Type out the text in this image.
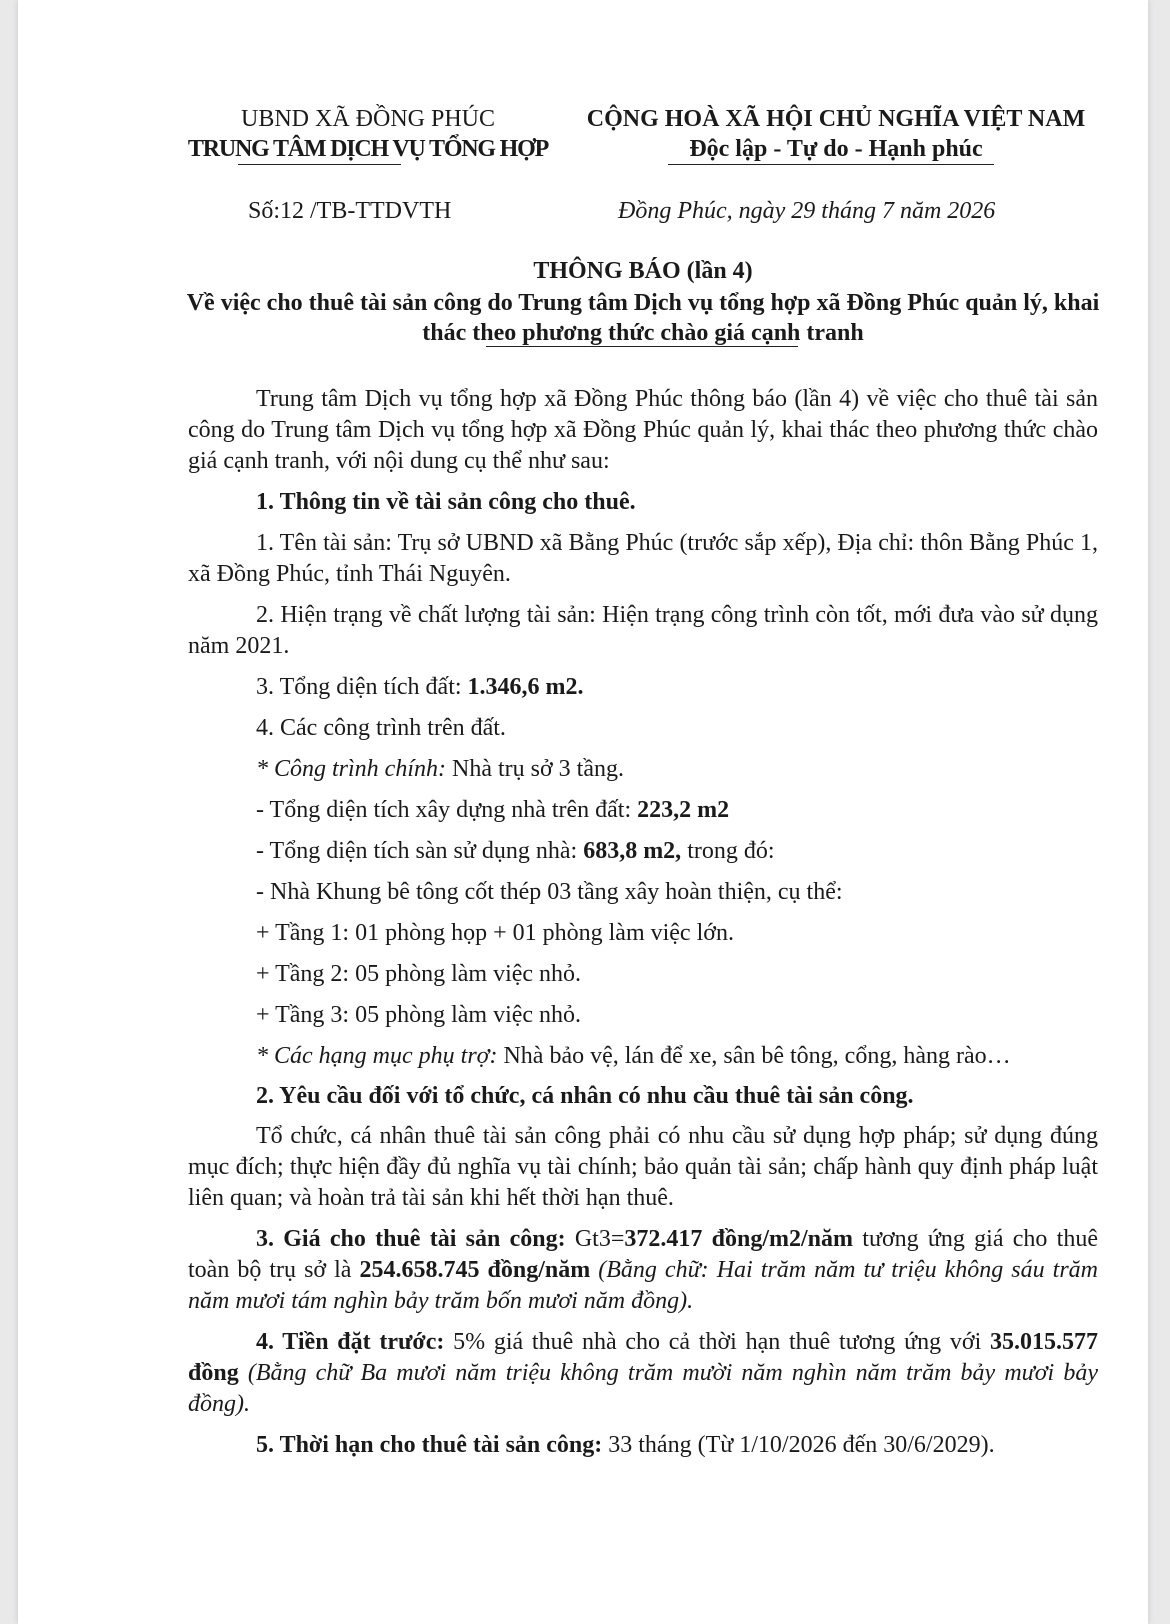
UBND XÃ ĐỒNG PHÚC
TRUNG TÂM DỊCH VỤ TỔNG HỢP
CỘNG HOÀ XÃ HỘI CHỦ NGHĨA VIỆT NAM
Độc lập - Tự do - Hạnh phúc
Số:12 /TB-TTDVTH	Đồng Phúc, ngày 29 tháng 7 năm 2026
THÔNG BÁO (lần 4)
Về việc cho thuê tài sản công do Trung tâm Dịch vụ tổng hợp xã Đồng Phúc quản lý, khai thác theo phương thức chào giá cạnh tranh

Trung tâm Dịch vụ tổng hợp xã Đồng Phúc thông báo (lần 4) về việc cho thuê tài sản công do Trung tâm Dịch vụ tổng hợp xã Đồng Phúc quản lý, khai thác theo phương thức chào giá cạnh tranh, với nội dung cụ thể như sau:

1. Thông tin về tài sản công cho thuê.

1. Tên tài sản: Trụ sở UBND xã Bằng Phúc (trước sắp xếp), Địa chỉ: thôn Bằng Phúc 1, xã Đồng Phúc, tỉnh Thái Nguyên.

2. Hiện trạng về chất lượng tài sản: Hiện trạng công trình còn tốt, mới đưa vào sử dụng năm 2021.

3. Tổng diện tích đất: 1.346,6 m2.

4. Các công trình trên đất.

* Công trình chính: Nhà trụ sở 3 tầng.

- Tổng diện tích xây dựng nhà trên đất: 223,2 m2

- Tổng diện tích sàn sử dụng nhà: 683,8 m2, trong đó:

- Nhà Khung bê tông cốt thép 03 tầng xây hoàn thiện, cụ thể:

+ Tầng 1: 01 phòng họp + 01 phòng làm việc lớn.

+ Tầng 2: 05 phòng làm việc nhỏ.

+ Tầng 3: 05 phòng làm việc nhỏ.

* Các hạng mục phụ trợ: Nhà bảo vệ, lán để xe, sân bê tông, cổng, hàng rào…

2. Yêu cầu đối với tổ chức, cá nhân có nhu cầu thuê tài sản công.

Tổ chức, cá nhân thuê tài sản công phải có nhu cầu sử dụng hợp pháp; sử dụng đúng mục đích; thực hiện đầy đủ nghĩa vụ tài chính; bảo quản tài sản; chấp hành quy định pháp luật liên quan; và hoàn trả tài sản khi hết thời hạn thuê.

3. Giá cho thuê tài sản công: Gt3=372.417 đồng/m2/năm tương ứng giá cho thuê toàn bộ trụ sở là 254.658.745 đồng/năm (Bằng chữ: Hai trăm năm tư triệu không sáu trăm năm mươi tám nghìn bảy trăm bốn mươi năm đồng).

4. Tiền đặt trước: 5% giá thuê nhà cho cả thời hạn thuê tương ứng với 35.015.577 đồng (Bằng chữ Ba mươi năm triệu không trăm mười năm nghìn năm trăm bảy mươi bảy đồng).

5. Thời hạn cho thuê tài sản công: 33 tháng (Từ 1/10/2026 đến 30/6/2029).
